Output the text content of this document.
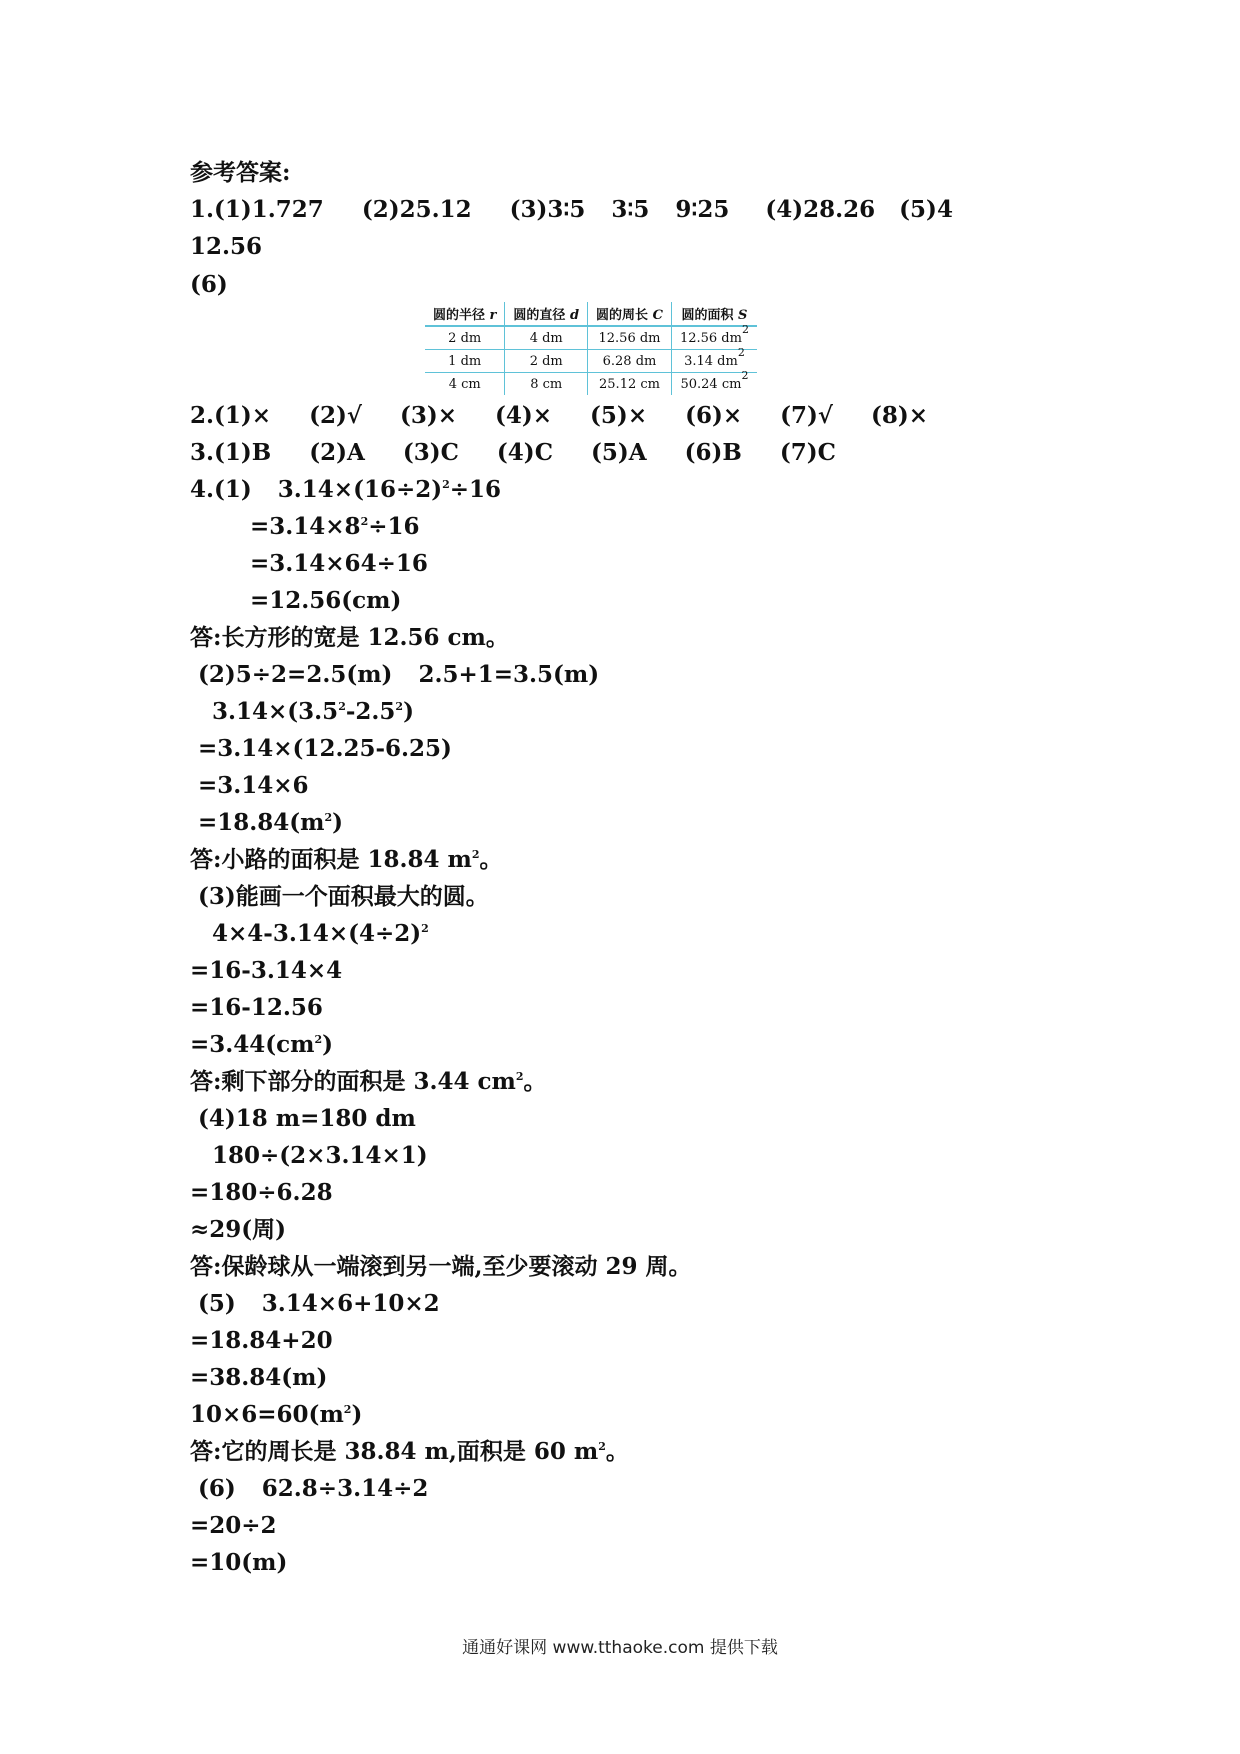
参考答案:
1.(1)1.727 (2)25.12 (3)3∶5 3∶5 9∶25 (4)28.26 (5)4
12.56
(6)
圆的半径 r	圆的直径 d	圆的周长 C	圆的面积 S
2 dm	4 dm	12.56 dm	12.56 $dm^2$
1 dm	2 dm	6.28 dm	3.14 $dm^2$
4 cm	8 cm	25.12 cm	50.24 $cm^2$
2.(1)× (2)√ (3)× (4)× (5)× (6)× (7)√ (8)×
3.(1)B (2)A (3)C (4)C (5)A (6)B (7)C
4.(1) $3.14\times(16\div 2)^2\div 16$
$=3.14\times 8^2\div 16$
=3.14×64÷16
=12.56(cm)
答:长方形的宽是 12.56 cm。
(2)5÷2=2.5(m) 2.5+1=3.5(m)
$3.14\times(3.5^2-2.5^2)$
=3.14×(12.25-6.25)
=3.14×6
$=18.84(m^2)$
答:小路的面积是 18.84 $m^2$。
(3)能画一个面积最大的圆。
$4\times 4-3.14\times(4\div 2)^2$
=16-3.14×4
=16-12.56
$=3.44(cm^2)$
答:剩下部分的面积是 3.44 $cm^2$。
(4)18 m=180 dm
180÷(2×3.14×1)
=180÷6.28
≈29(周)
答:保龄球从一端滚到另一端,至少要滚动 29 周。
(5) 3.14×6+10×2
=18.84+20
=38.84(m)
$10\times 6=60(m^2)$
答:它的周长是 38.84 m,面积是 60 $m^2$。
(6) 62.8÷3.14÷2
=20÷2
=10(m)
通通好课网 www.tthaoke.com 提供下载
